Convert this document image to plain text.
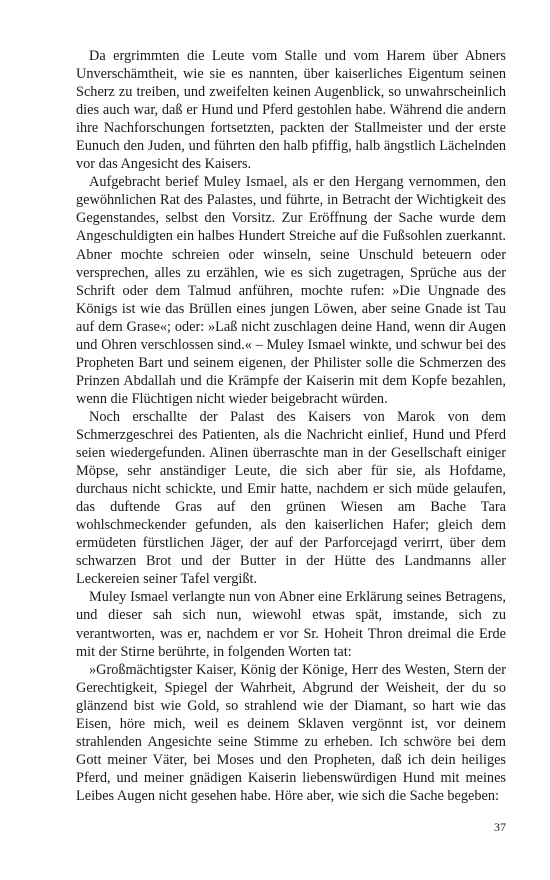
Da ergrimmten die Leute vom Stalle und vom Harem über Abners Unverschämtheit, wie sie es nannten, über kaiserliches Eigentum seinen Scherz zu treiben, und zweifelten keinen Augenblick, so unwahrscheinlich dies auch war, daß er Hund und Pferd gestohlen habe. Während die andern ihre Nachforschungen fortsetzten, packten der Stallmeister und der erste Eunuch den Juden, und führten den halb pfiffig, halb ängstlich Lächelnden vor das Angesicht des Kaisers.

Aufgebracht berief Muley Ismael, als er den Hergang vernommen, den gewöhnlichen Rat des Palastes, und führte, in Betracht der Wichtigkeit des Gegenstandes, selbst den Vorsitz. Zur Eröffnung der Sache wurde dem Angeschuldigten ein halbes Hundert Streiche auf die Fußsohlen zuerkannt. Abner mochte schreien oder winseln, seine Unschuld beteuern oder versprechen, alles zu erzählen, wie es sich zugetragen, Sprüche aus der Schrift oder dem Talmud anführen, mochte rufen: »Die Ungnade des Königs ist wie das Brüllen eines jungen Löwen, aber seine Gnade ist Tau auf dem Grase«; oder: »Laß nicht zuschlagen deine Hand, wenn dir Augen und Ohren verschlossen sind.« – Muley Ismael winkte, und schwur bei des Propheten Bart und seinem eigenen, der Philister solle die Schmerzen des Prinzen Abdallah und die Krämpfe der Kaiserin mit dem Kopfe bezahlen, wenn die Flüchtigen nicht wieder beigebracht würden.

Noch erschallte der Palast des Kaisers von Marok von dem Schmerzgeschrei des Patienten, als die Nachricht einlief, Hund und Pferd seien wiedergefunden. Alinen überraschte man in der Gesellschaft einiger Möpse, sehr anständiger Leute, die sich aber für sie, als Hofdame, durchaus nicht schickte, und Emir hatte, nachdem er sich müde gelaufen, das duftende Gras auf den grünen Wiesen am Bache Tara wohlschmeckender gefunden, als den kaiserlichen Hafer; gleich dem ermüdeten fürstlichen Jäger, der auf der Parforcejagd verirrt, über dem schwarzen Brot und der Butter in der Hütte des Landmanns aller Leckereien seiner Tafel vergißt.

Muley Ismael verlangte nun von Abner eine Erklärung seines Betragens, und dieser sah sich nun, wiewohl etwas spät, imstande, sich zu verantworten, was er, nachdem er vor Sr. Hoheit Thron dreimal die Erde mit der Stirne berührte, in folgenden Worten tat:

»Großmächtigster Kaiser, König der Könige, Herr des Westen, Stern der Gerechtigkeit, Spiegel der Wahrheit, Abgrund der Weisheit, der du so glänzend bist wie Gold, so strahlend wie der Diamant, so hart wie das Eisen, höre mich, weil es deinem Sklaven vergönnt ist, vor deinem strahlenden Angesichte seine Stimme zu erheben. Ich schwöre bei dem Gott meiner Väter, bei Moses und den Propheten, daß ich dein heiliges Pferd, und meiner gnädigen Kaiserin liebenswürdigen Hund mit meines Leibes Augen nicht gesehen habe. Höre aber, wie sich die Sache begeben:

37
